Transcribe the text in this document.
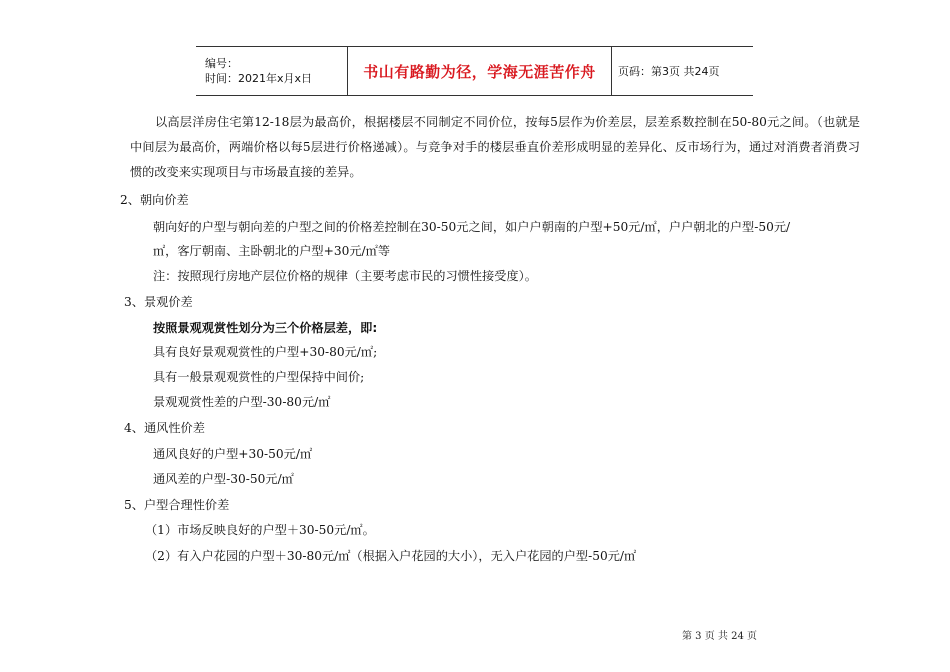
编号：
时间：2021年x月x日	书山有路勤为径，学海无涯苦作舟	页码：第3页 共24页
以高层洋房住宅第12-18层为最高价，根据楼层不同制定不同价位，按每5层作为价差层，层差系数控制在50-80元之间。（也就是中间层为最高价，两端价格以每5层进行价格递减）。与竞争对手的楼层垂直价差形成明显的差异化、反市场行为，通过对消费者消费习惯的改变来实现项目与市场最直接的差异。
2、朝向价差
朝向好的户型与朝向差的户型之间的价格差控制在30-50元之间，如户户朝南的户型+50元/㎡，户户朝北的户型-50元/
㎡，客厅朝南、主卧朝北的户型+30元/㎡等
注：按照现行房地产层位价格的规律（主要考虑市民的习惯性接受度）。
3、景观价差
按照景观观赏性划分为三个价格层差，即:
具有良好景观观赏性的户型+30-80元/㎡;
具有一般景观观赏性的户型保持中间价;
景观观赏性差的户型-30-80元/㎡
4、通风性价差
通风良好的户型+30-50元/㎡
通风差的户型-30-50元/㎡
5、户型合理性价差
（1）市场反映良好的户型＋30-50元/㎡。
（2）有入户花园的户型＋30-80元/㎡（根据入户花园的大小），无入户花园的户型-50元/㎡
第 3 页 共 24 页
